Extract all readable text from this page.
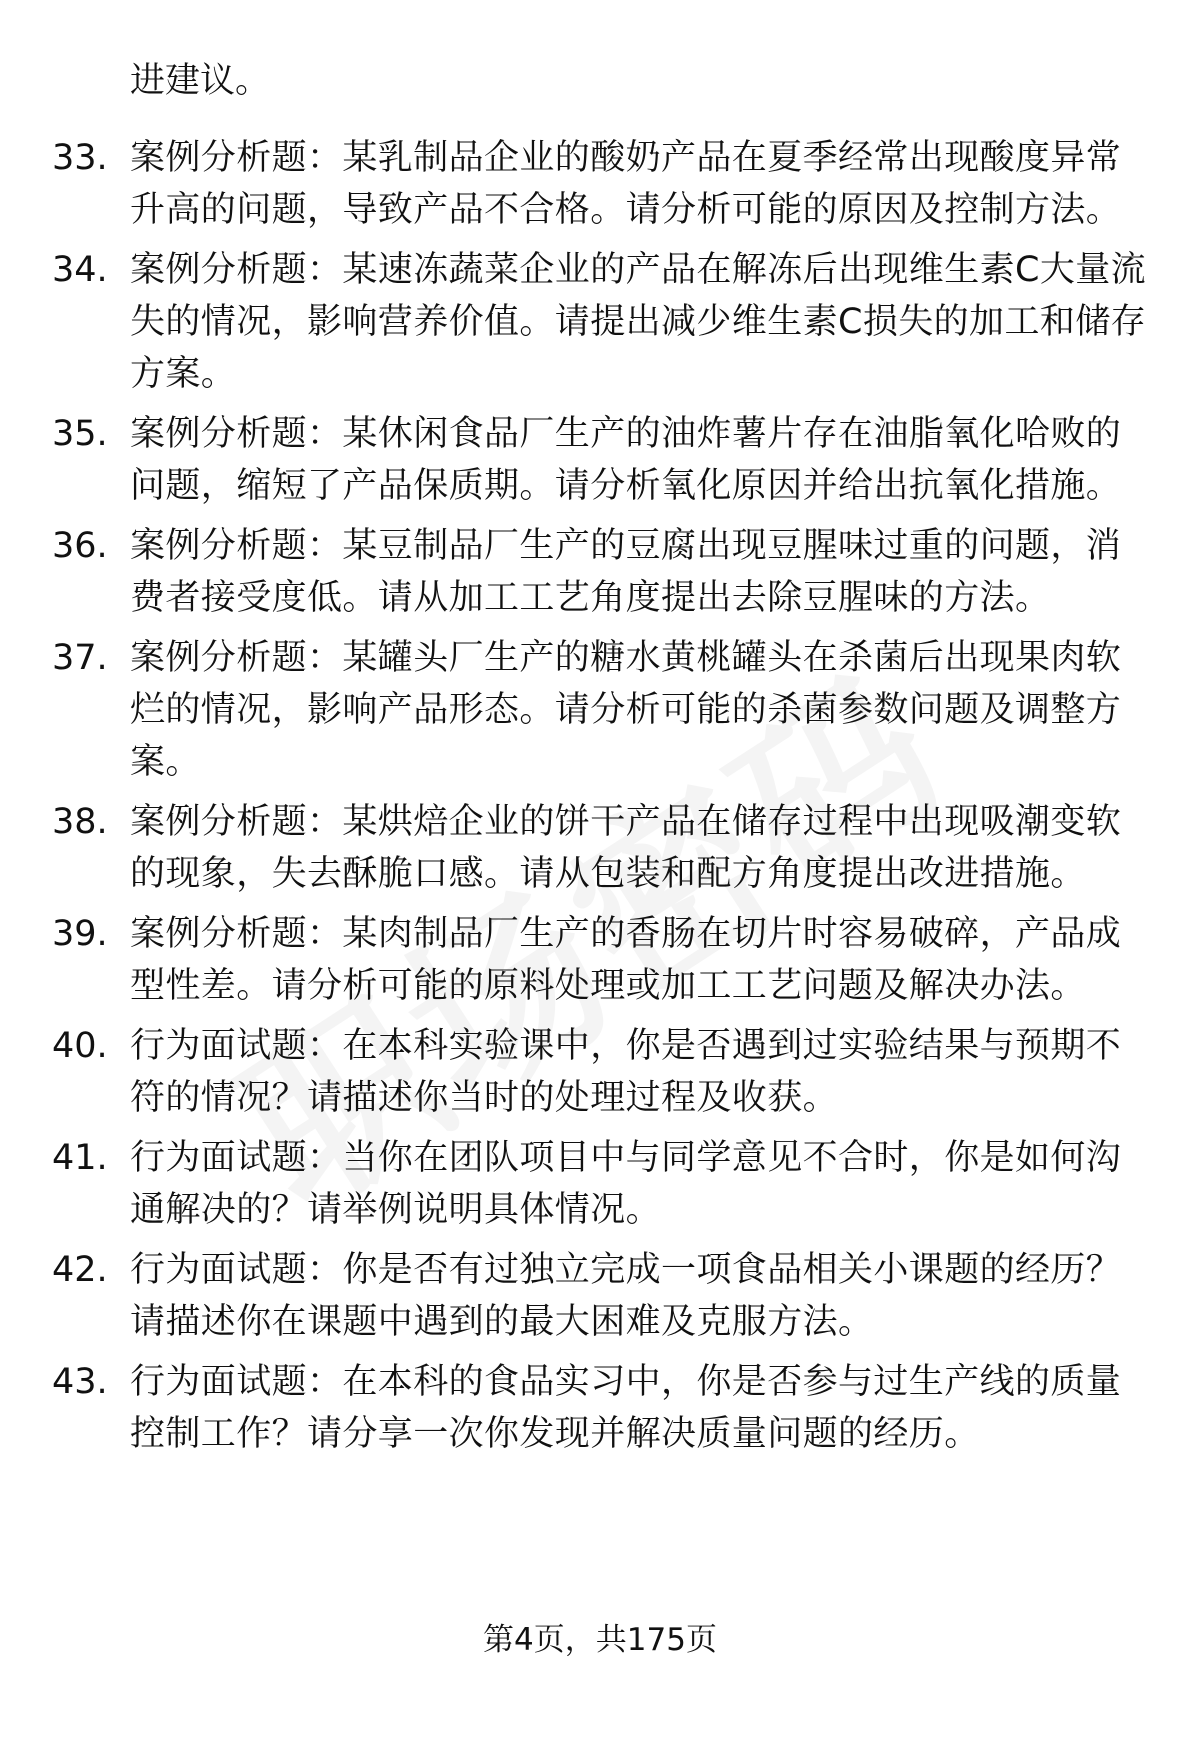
进建议。
33. 案例分析题：某乳制品企业的酸奶产品在夏季经常出现酸度异常升高的问题，导致产品不合格。请分析可能的原因及控制方法。
34. 案例分析题：某速冻蔬菜企业的产品在解冻后出现维生素C大量流失的情况，影响营养价值。请提出减少维生素C损失的加工和储存方案。
35. 案例分析题：某休闲食品厂生产的油炸薯片存在油脂氧化哈败的问题，缩短了产品保质期。请分析氧化原因并给出抗氧化措施。
36. 案例分析题：某豆制品厂生产的豆腐出现豆腥味过重的问题，消费者接受度低。请从加工工艺角度提出去除豆腥味的方法。
37. 案例分析题：某罐头厂生产的糖水黄桃罐头在杀菌后出现果肉软烂的情况，影响产品形态。请分析可能的杀菌参数问题及调整方案。
38. 案例分析题：某烘焙企业的饼干产品在储存过程中出现吸潮变软的现象，失去酥脆口感。请从包装和配方角度提出改进措施。
39. 案例分析题：某肉制品厂生产的香肠在切片时容易破碎，产品成型性差。请分析可能的原料处理或加工工艺问题及解决办法。
40. 行为面试题：在本科实验课中，你是否遇到过实验结果与预期不符的情况？请描述你当时的处理过程及收获。
41. 行为面试题：当你在团队项目中与同学意见不合时，你是如何沟通解决的？请举例说明具体情况。
42. 行为面试题：你是否有过独立完成一项食品相关小课题的经历？请描述你在课题中遇到的最大困难及克服方法。
43. 行为面试题：在本科的食品实习中，你是否参与过生产线的质量控制工作？请分享一次你发现并解决质量问题的经历。
第4页，共175页
